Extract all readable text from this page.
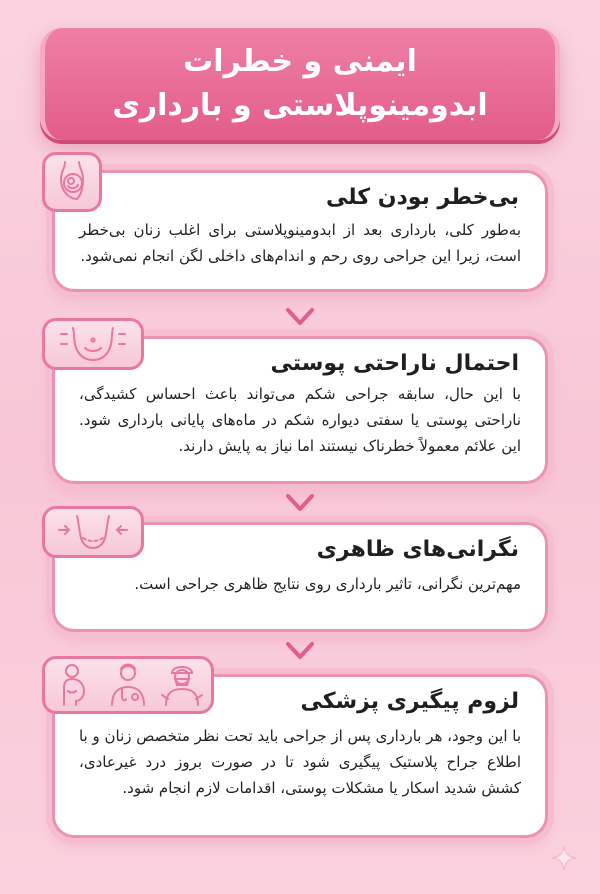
ایمنی و خطرات
ابدومینوپلاستی و بارداری
بی‌خطر بودن کلی
به‌طور کلی، بارداری بعد از ابدومینوپلاستی برای اغلب زنان بی‌خطر است، زیرا این جراحی روی رحم و اندام‌های داخلی لگن انجام نمی‌شود.
احتمال ناراحتی پوستی
با این حال، سابقه جراحی شکم می‌تواند باعث احساس کشیدگی، ناراحتی پوستی یا سفتی دیواره شکم در ماه‌های پایانی بارداری شود. این علائم معمولاً خطرناک نیستند اما نیاز به پایش دارند.
نگرانی‌های ظاهری
مهم‌ترین نگرانی، تاثیر بارداری روی نتایج ظاهری جراحی است.
لزوم پیگیری پزشکی
با این وجود، هر بارداری پس از جراحی باید تحت نظر متخصص زنان و با اطلاع جراح پلاستیک پیگیری شود تا در صورت بروز درد غیرعادی، کشش شدید اسکار یا مشکلات پوستی، اقدامات لازم انجام شود.
